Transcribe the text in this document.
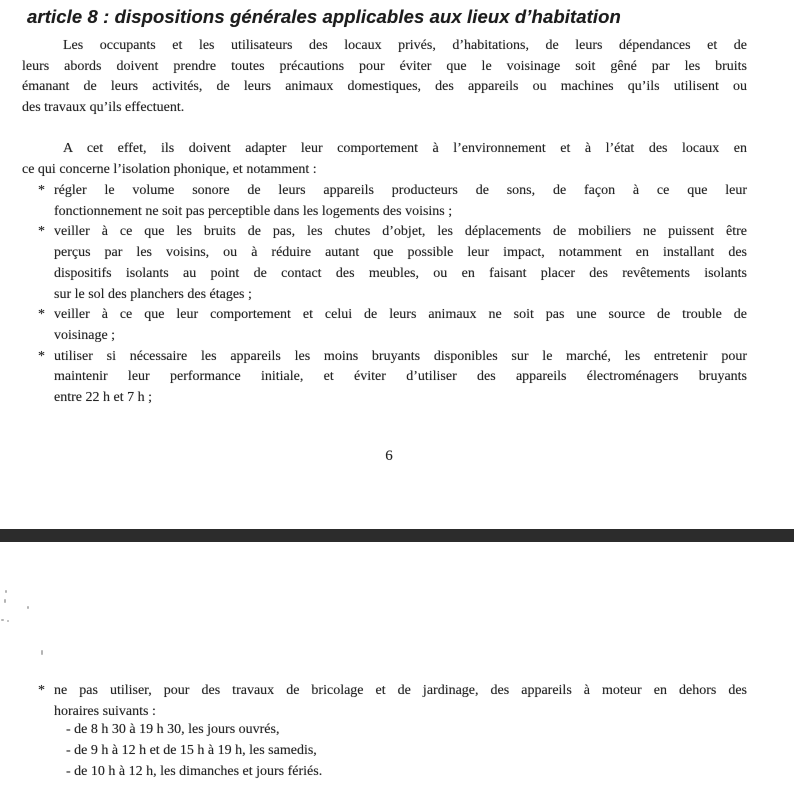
article 8 : dispositions générales applicables aux lieux d’habitation
Les occupants et les utilisateurs des locaux privés, d’habitations, de leurs dépendances et de
leurs abords doivent prendre toutes précautions pour éviter que le voisinage soit gêné par les bruits
émanant de leurs activités, de leurs animaux domestiques, des appareils ou machines qu’ils utilisent ou
des travaux qu’ils effectuent.
A cet effet, ils doivent adapter leur comportement à l’environnement et à l’état des locaux en
ce qui concerne l’isolation phonique, et notamment :
* régler le volume sonore de leurs appareils producteurs de sons, de façon à ce que leur
fonctionnement ne soit pas perceptible dans les logements des voisins ;
* veiller à ce que les bruits de pas, les chutes d’objet, les déplacements de mobiliers ne puissent être
perçus par les voisins, ou à réduire autant que possible leur impact, notamment en installant des
dispositifs isolants au point de contact des meubles, ou en faisant placer des revêtements isolants
sur le sol des planchers des étages ;
* veiller à ce que leur comportement et celui de leurs animaux ne soit pas une source de trouble de
voisinage ;
* utiliser si nécessaire les appareils les moins bruyants disponibles sur le marché, les entretenir pour
maintenir leur performance initiale, et éviter d’utiliser des appareils électroménagers bruyants
entre 22 h et 7 h ;
6
* ne pas utiliser, pour des travaux de bricolage et de jardinage, des appareils à moteur en dehors des
horaires suivants :
- de 8 h 30 à 19 h 30, les jours ouvrés,
- de 9 h à 12 h et de 15 h à 19 h, les samedis,
- de 10 h à 12 h, les dimanches et jours fériés.
